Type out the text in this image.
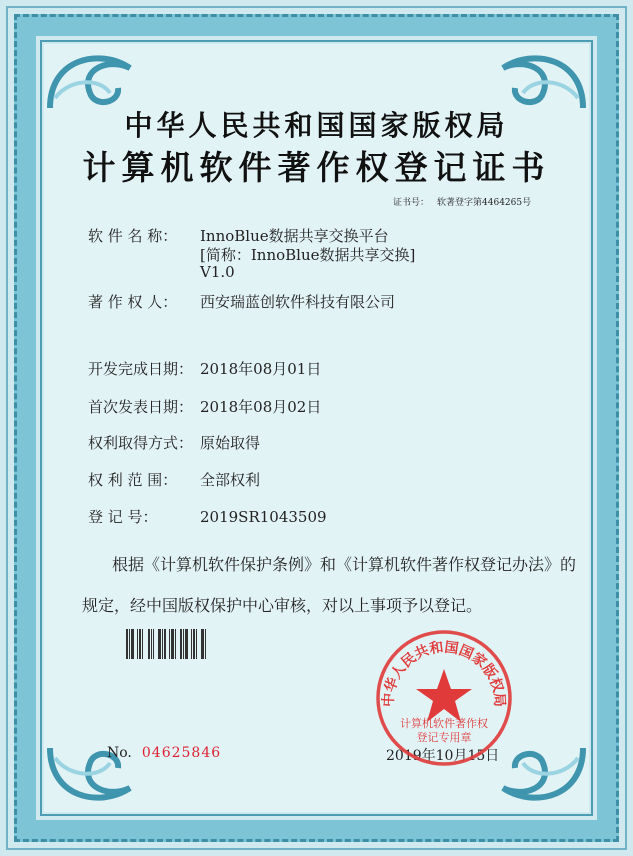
中华人民共和国国家版权局
计算机软件著作权登记证书
证书号： 软著登字第4464265号
软 件 名 称： InnoBlue数据共享交换平台
[简称：InnoBlue数据共享交换]
V1.0
著 作 权 人： 西安瑞蓝创软件科技有限公司
开发完成日期： 2018年08月01日
首次发表日期： 2018年08月02日
权利取得方式： 原始取得
权 利 范 围： 全部权利
登 记 号：	2019SR1043509
根据《计算机软件保护条例》和《计算机软件著作权登记办法》的
规定，经中国版权保护中心审核，对以上事项予以登记。
No. 04625846	2019年10月15日
中华人民共和国国家版权局
计算机软件著作权
登记专用章
